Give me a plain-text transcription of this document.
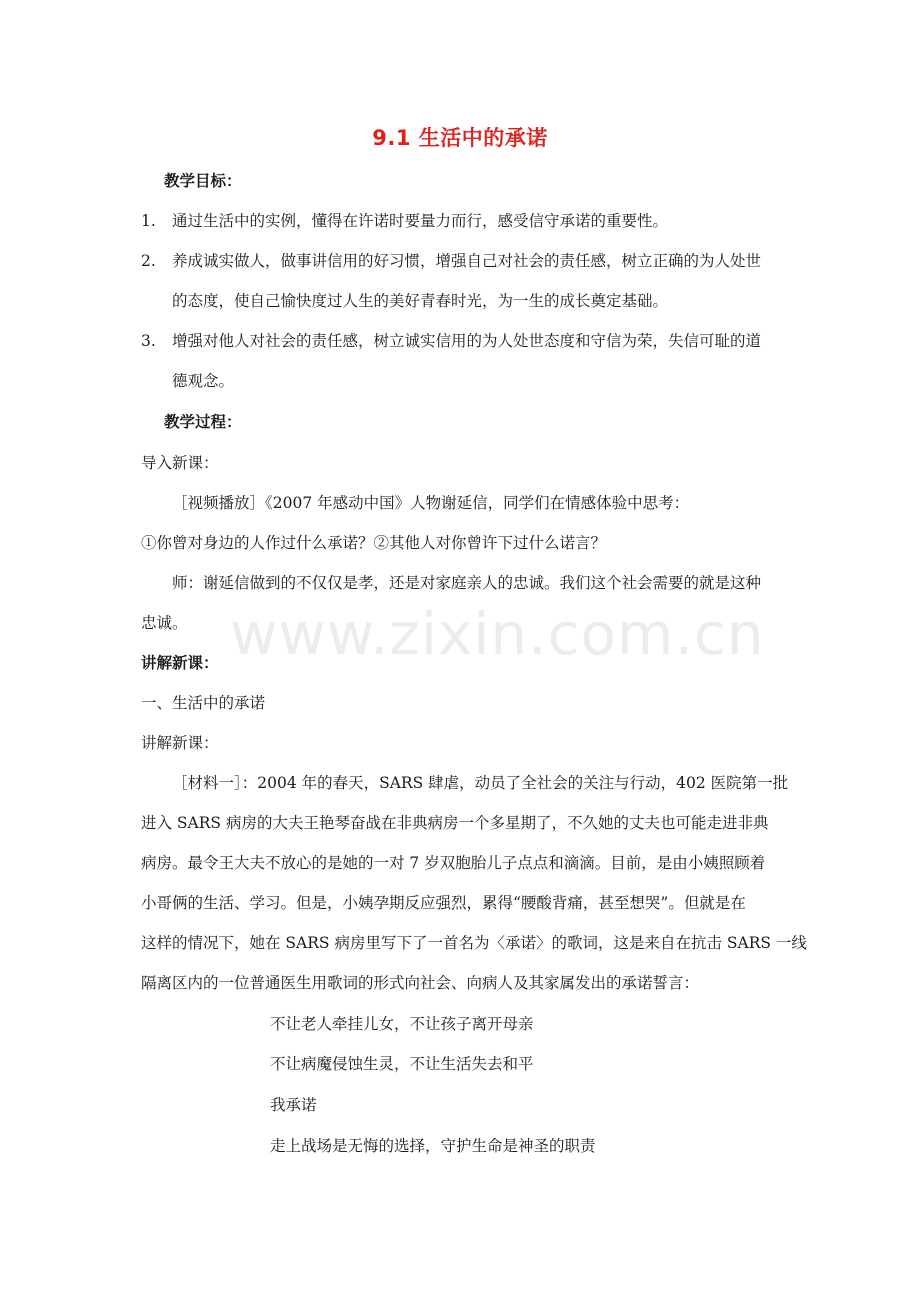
www.zixin.com.cn
9.1 生活中的承诺
教学目标：
1. 通过生活中的实例，懂得在许诺时要量力而行，感受信守承诺的重要性。
2. 养成诚实做人，做事讲信用的好习惯，增强自己对社会的责任感，树立正确的为人处世
的态度，使自己愉快度过人生的美好青春时光，为一生的成长奠定基础。
3. 增强对他人对社会的责任感，树立诚实信用的为人处世态度和守信为荣，失信可耻的道
德观念。
教学过程：
导入新课：
［视频播放］《2007 年感动中国》人物谢延信，同学们在情感体验中思考：
①你曾对身边的人作过什么承诺？②其他人对你曾许下过什么诺言？
师：谢延信做到的不仅仅是孝，还是对家庭亲人的忠诚。我们这个社会需要的就是这种
忠诚。
讲解新课：
一、生活中的承诺
讲解新课：
［材料一］：2004 年的春天，SARS 肆虐，动员了全社会的关注与行动，402 医院第一批
进入 SARS 病房的大夫王艳琴奋战在非典病房一个多星期了，不久她的丈夫也可能走进非典
病房。最令王大夫不放心的是她的一对 7 岁双胞胎儿子点点和滴滴。目前，是由小姨照顾着
小哥俩的生活、学习。但是，小姨孕期反应强烈，累得“腰酸背痛，甚至想哭”。但就是在
这样的情况下，她在 SARS 病房里写下了一首名为〈承诺〉的歌词，这是来自在抗击 SARS 一线
隔离区内的一位普通医生用歌词的形式向社会、向病人及其家属发出的承诺誓言：
不让老人牵挂儿女，不让孩子离开母亲
不让病魔侵蚀生灵，不让生活失去和平
我承诺
走上战场是无悔的选择，守护生命是神圣的职责
